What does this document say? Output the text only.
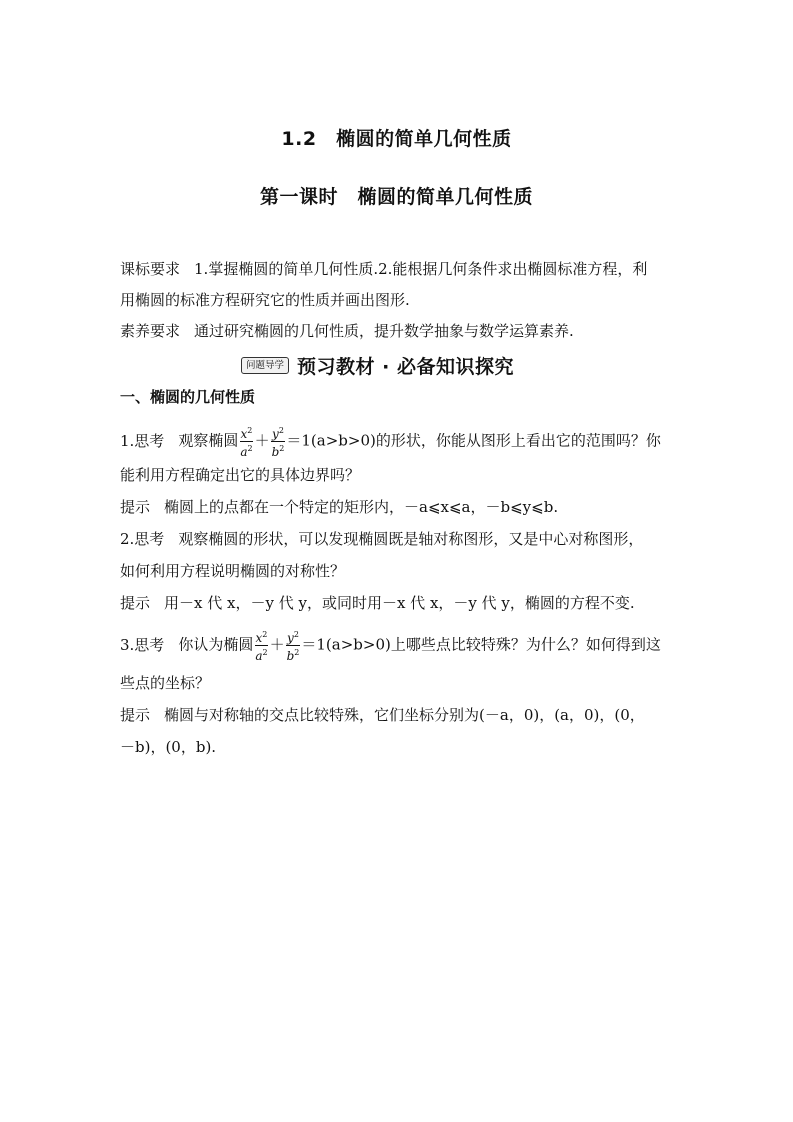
1.2　椭圆的简单几何性质
第一课时　椭圆的简单几何性质
课标要求 1.掌握椭圆的简单几何性质.2.能根据几何条件求出椭圆标准方程，利
用椭圆的标准方程研究它的性质并画出图形.
素养要求 通过研究椭圆的几何性质，提升数学抽象与数学运算素养.
问题导学 预习教材 · 必备知识探究
一、椭圆的几何性质
1.思考 观察椭圆 $\frac{x^2}{a^2} + \frac{y^2}{b^2} =1(a>b>0)$的形状，你能从图形上看出它的范围吗？你
能利用方程确定出它的具体边界吗？
提示 椭圆上的点都在一个特定的矩形内，－a⩽x⩽a，－b⩽y⩽b.
2.思考 观察椭圆的形状，可以发现椭圆既是轴对称图形，又是中心对称图形，
如何利用方程说明椭圆的对称性？
提示 用－x 代 x，－y 代 y，或同时用－x 代 x，－y 代 y，椭圆的方程不变.
3.思考 你认为椭圆 $\frac{x^2}{a^2} + \frac{y^2}{b^2} =1(a>b>0)$上哪些点比较特殊？为什么？如何得到这
些点的坐标？
提示 椭圆与对称轴的交点比较特殊，它们坐标分别为(－a，0)，(a，0)，(0，
－b)，(0，b).
